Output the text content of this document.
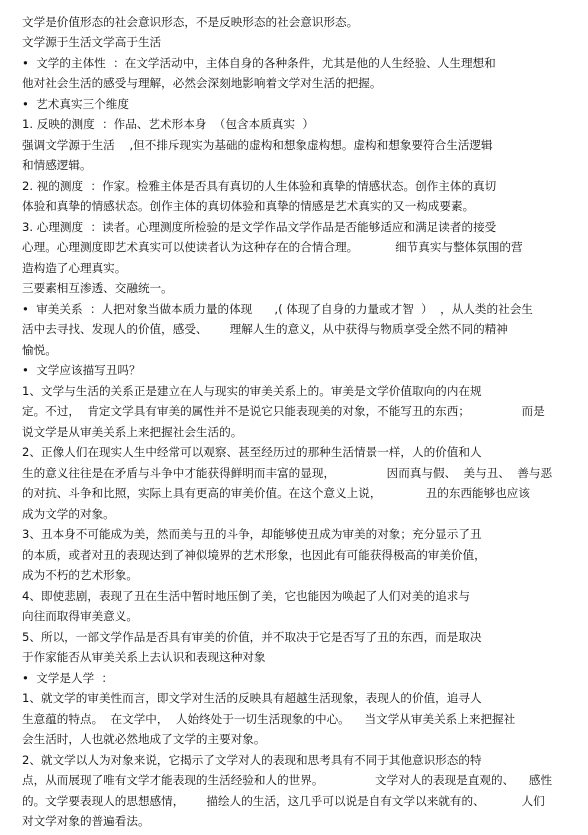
文学是价值形态的社会意识形态，不是反映形态的社会意识形态。
文学源于生活文学高于生活
•  文学的主体性  ：在文学活动中，主体自身的各种条件，尤其是他的人生经验、人生理想和
他对社会生活的感受与理解，必然会深刻地影响着文学对生活的把握。
•  艺术真实三个维度
1. 反映的测度  ：作品、艺术形本身  （包含本质真实  ）
强调文学源于生活    ,但不排斥现实为基础的虚构和想象虚构想。虚构和想象要符合生活逻辑
和情感逻辑。
2. 视的测度  ：作家。检雅主体是否具有真切的人生体验和真挚的情感状态。创作主体的真切
体验和真挚的情感状态。创作主体的真切体验和真挚的情感是艺术真实的又一构成要素。
3. 心理测度  ：读者。心理测度所检验的是文学作品文学作品是否能够适应和满足读者的接受
心理。心理测度即艺术真实可以使读者认为这种存在的合情合理。          细节真实与整体氛围的营
造构造了心理真实。
三要素相互渗透、交融统一。
•  审美关系  ：人把对象当做本质力量的体现      ,( 体现了自身的力量或才智  ）  ，从人类的社会生
活中去寻找、发现人的价值，感受、      理解人生的意义，从中获得与物质享受全然不同的精神
愉悦。
•  文学应该描写丑吗？
1、文学与生活的关系正是建立在人与现实的审美关系上的。审美是文学价值取向的内在规
定。不过，  肯定文学具有审美的属性并不是说它只能表现美的对象，不能写丑的东西；              而是
说文学是从审美关系上来把握社会生活的。
2、正像人们在现实人生中经常可以观察、甚至经历过的那种生活情景一样，人的价值和人
生的意义往往是在矛盾与斗争中才能获得鲜明而丰富的显现，              因而真与假、  美与丑、  善与恶
的对抗、斗争和比照，实际上具有更高的审美价值。在这个意义上说，            丑的东西能够也应该
成为文学的对象。
3、丑本身不可能成为美，然而美与丑的斗争，却能够使丑成为审美的对象；充分显示了丑
的本质，或者对丑的表现达到了神似境界的艺术形象，也因此有可能获得极高的审美价值，
成为不朽的艺术形象。
4、即使悲剧，表现了丑在生活中暂时地压倒了美，它也能因为唤起了人们对美的追求与
向往而取得审美意义。
5、所以，一部文学作品是否具有审美的价值，并不取决于它是否写了丑的东西，而是取决
于作家能否从审美关系上去认识和表现这种对象
•  文学是人学  ：
1、就文学的审美性而言，即文学对生活的反映具有超越生活现象，表现人的价值，追寻人
生意蕴的特点。  在文学中，  人始终处于一切生活现象的中心。    当文学从审美关系上来把握社
会生活时，人也就必然地成了文学的主要对象。
2、就文学以人为对象来说，它揭示了文学对人的表现和思考具有不同于其他意识形态的特
点，从而展现了唯有文学才能表现的生活经验和人的世界。              文学对人的表现是直观的、    感性
的。文学要表现人的思想感情，      描绘人的生活，这几乎可以说是自有文学以来就有的、          人们
对文学对象的普遍看法。
